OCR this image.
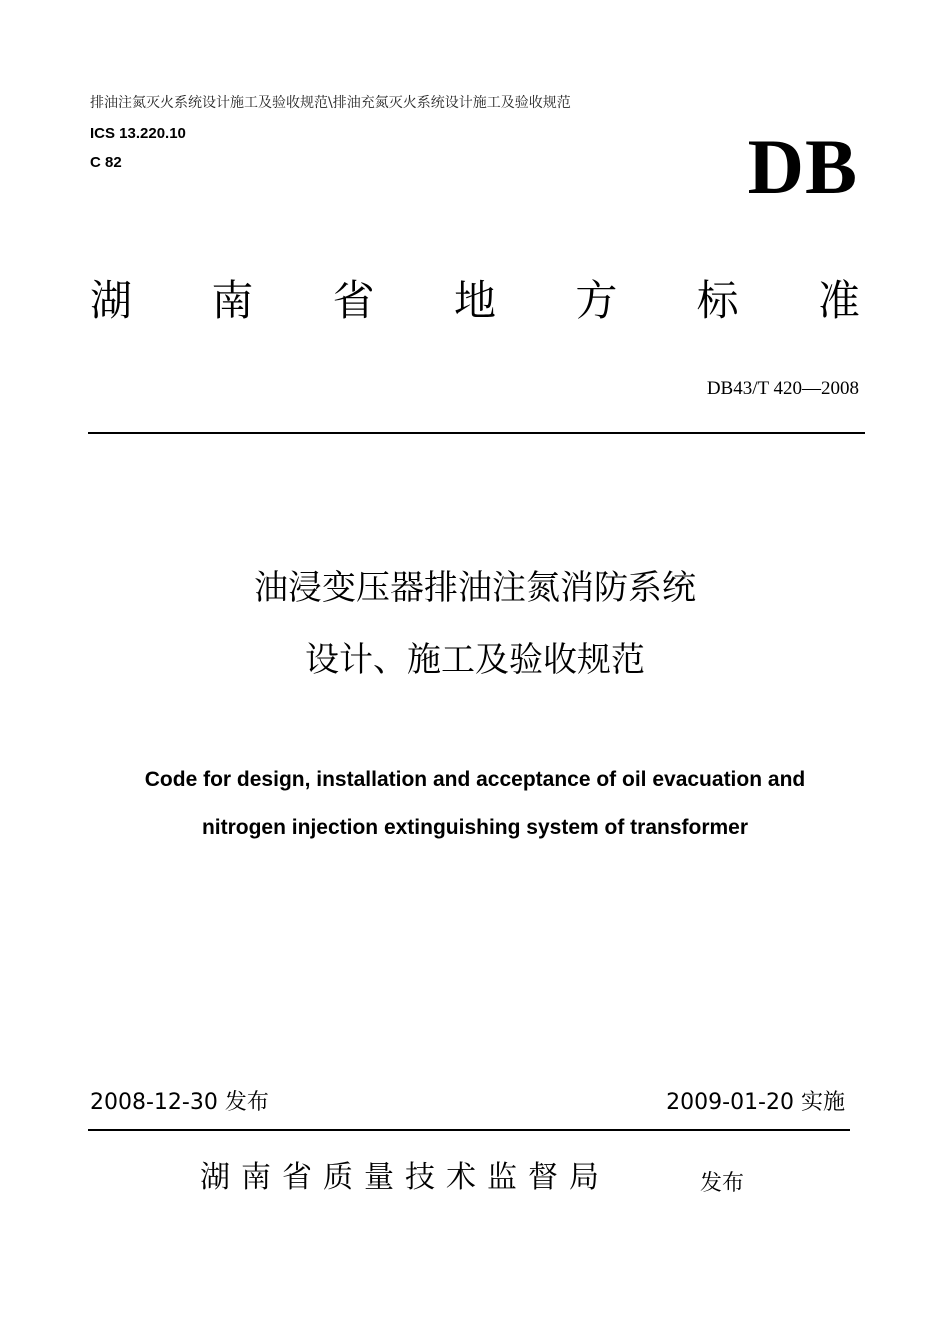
排油注氮灭火系统设计施工及验收规范\排油充氮灭火系统设计施工及验收规范
ICS 13.220.10
C 82	DB
湖 南 省 地 方 标 准
DB43/T 420—2008
油浸变压器排油注氮消防系统
设计、施工及验收规范
Code for design, installation and acceptance of oil evacuation and
nitrogen injection extinguishing system of transformer
2008-12-30 发布	2009-01-20 实施
湖南省质量技术监督局	发布
